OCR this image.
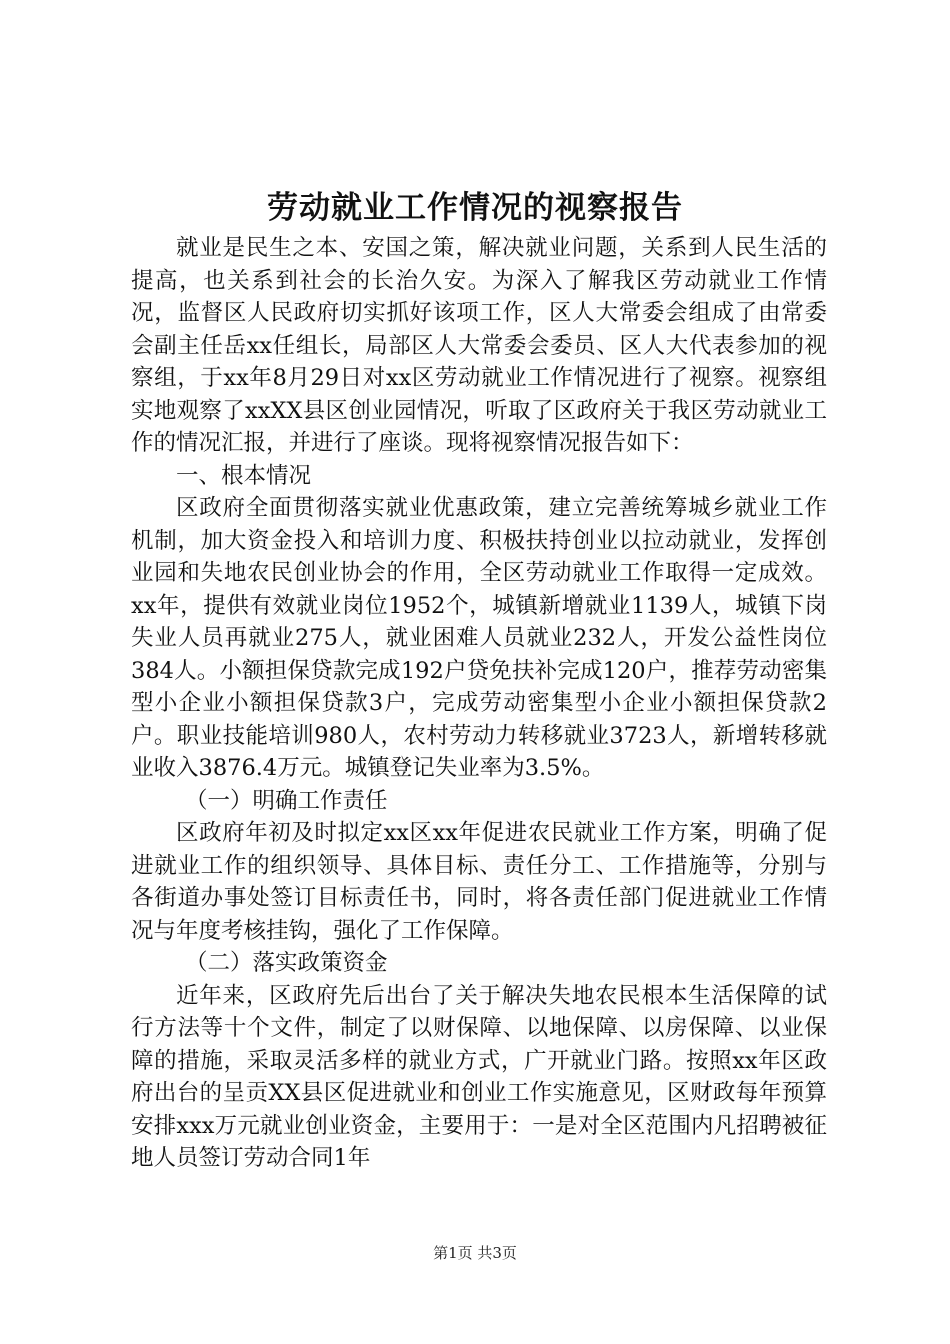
劳动就业工作情况的视察报告

就业是民生之本、安国之策，解决就业问题，关系到人民生活的提高，也关系到社会的长治久安。为深入了解我区劳动就业工作情况，监督区人民政府切实抓好该项工作，区人大常委会组成了由常委会副主任岳xx任组长，局部区人大常委会委员、区人大代表参加的视察组，于xx年8月29日对xx区劳动就业工作情况进行了视察。视察组实地观察了xxXX县区创业园情况，听取了区政府关于我区劳动就业工作的情况汇报，并进行了座谈。现将视察情况报告如下：

一、根本情况

区政府全面贯彻落实就业优惠政策，建立完善统筹城乡就业工作机制，加大资金投入和培训力度、积极扶持创业以拉动就业，发挥创业园和失地农民创业协会的作用，全区劳动就业工作取得一定成效。xx年，提供有效就业岗位1952个，城镇新增就业1139人，城镇下岗失业人员再就业275人，就业困难人员就业232人，开发公益性岗位384人。小额担保贷款完成192户贷免扶补完成120户，推荐劳动密集型小企业小额担保贷款3户，完成劳动密集型小企业小额担保贷款2户。职业技能培训980人，农村劳动力转移就业3723人，新增转移就业收入3876.4万元。城镇登记失业率为3.5%。

（一）明确工作责任

区政府年初及时拟定xx区xx年促进农民就业工作方案，明确了促进就业工作的组织领导、具体目标、责任分工、工作措施等，分别与各街道办事处签订目标责任书，同时，将各责任部门促进就业工作情况与年度考核挂钩，强化了工作保障。

（二）落实政策资金

近年来，区政府先后出台了关于解决失地农民根本生活保障的试行方法等十个文件，制定了以财保障、以地保障、以房保障、以业保障的措施，采取灵活多样的就业方式，广开就业门路。按照xx年区政府出台的呈贡XX县区促进就业和创业工作实施意见，区财政每年预算安排xxx万元就业创业资金，主要用于：一是对全区范围内凡招聘被征地人员签订劳动合同1年

第1页 共3页
